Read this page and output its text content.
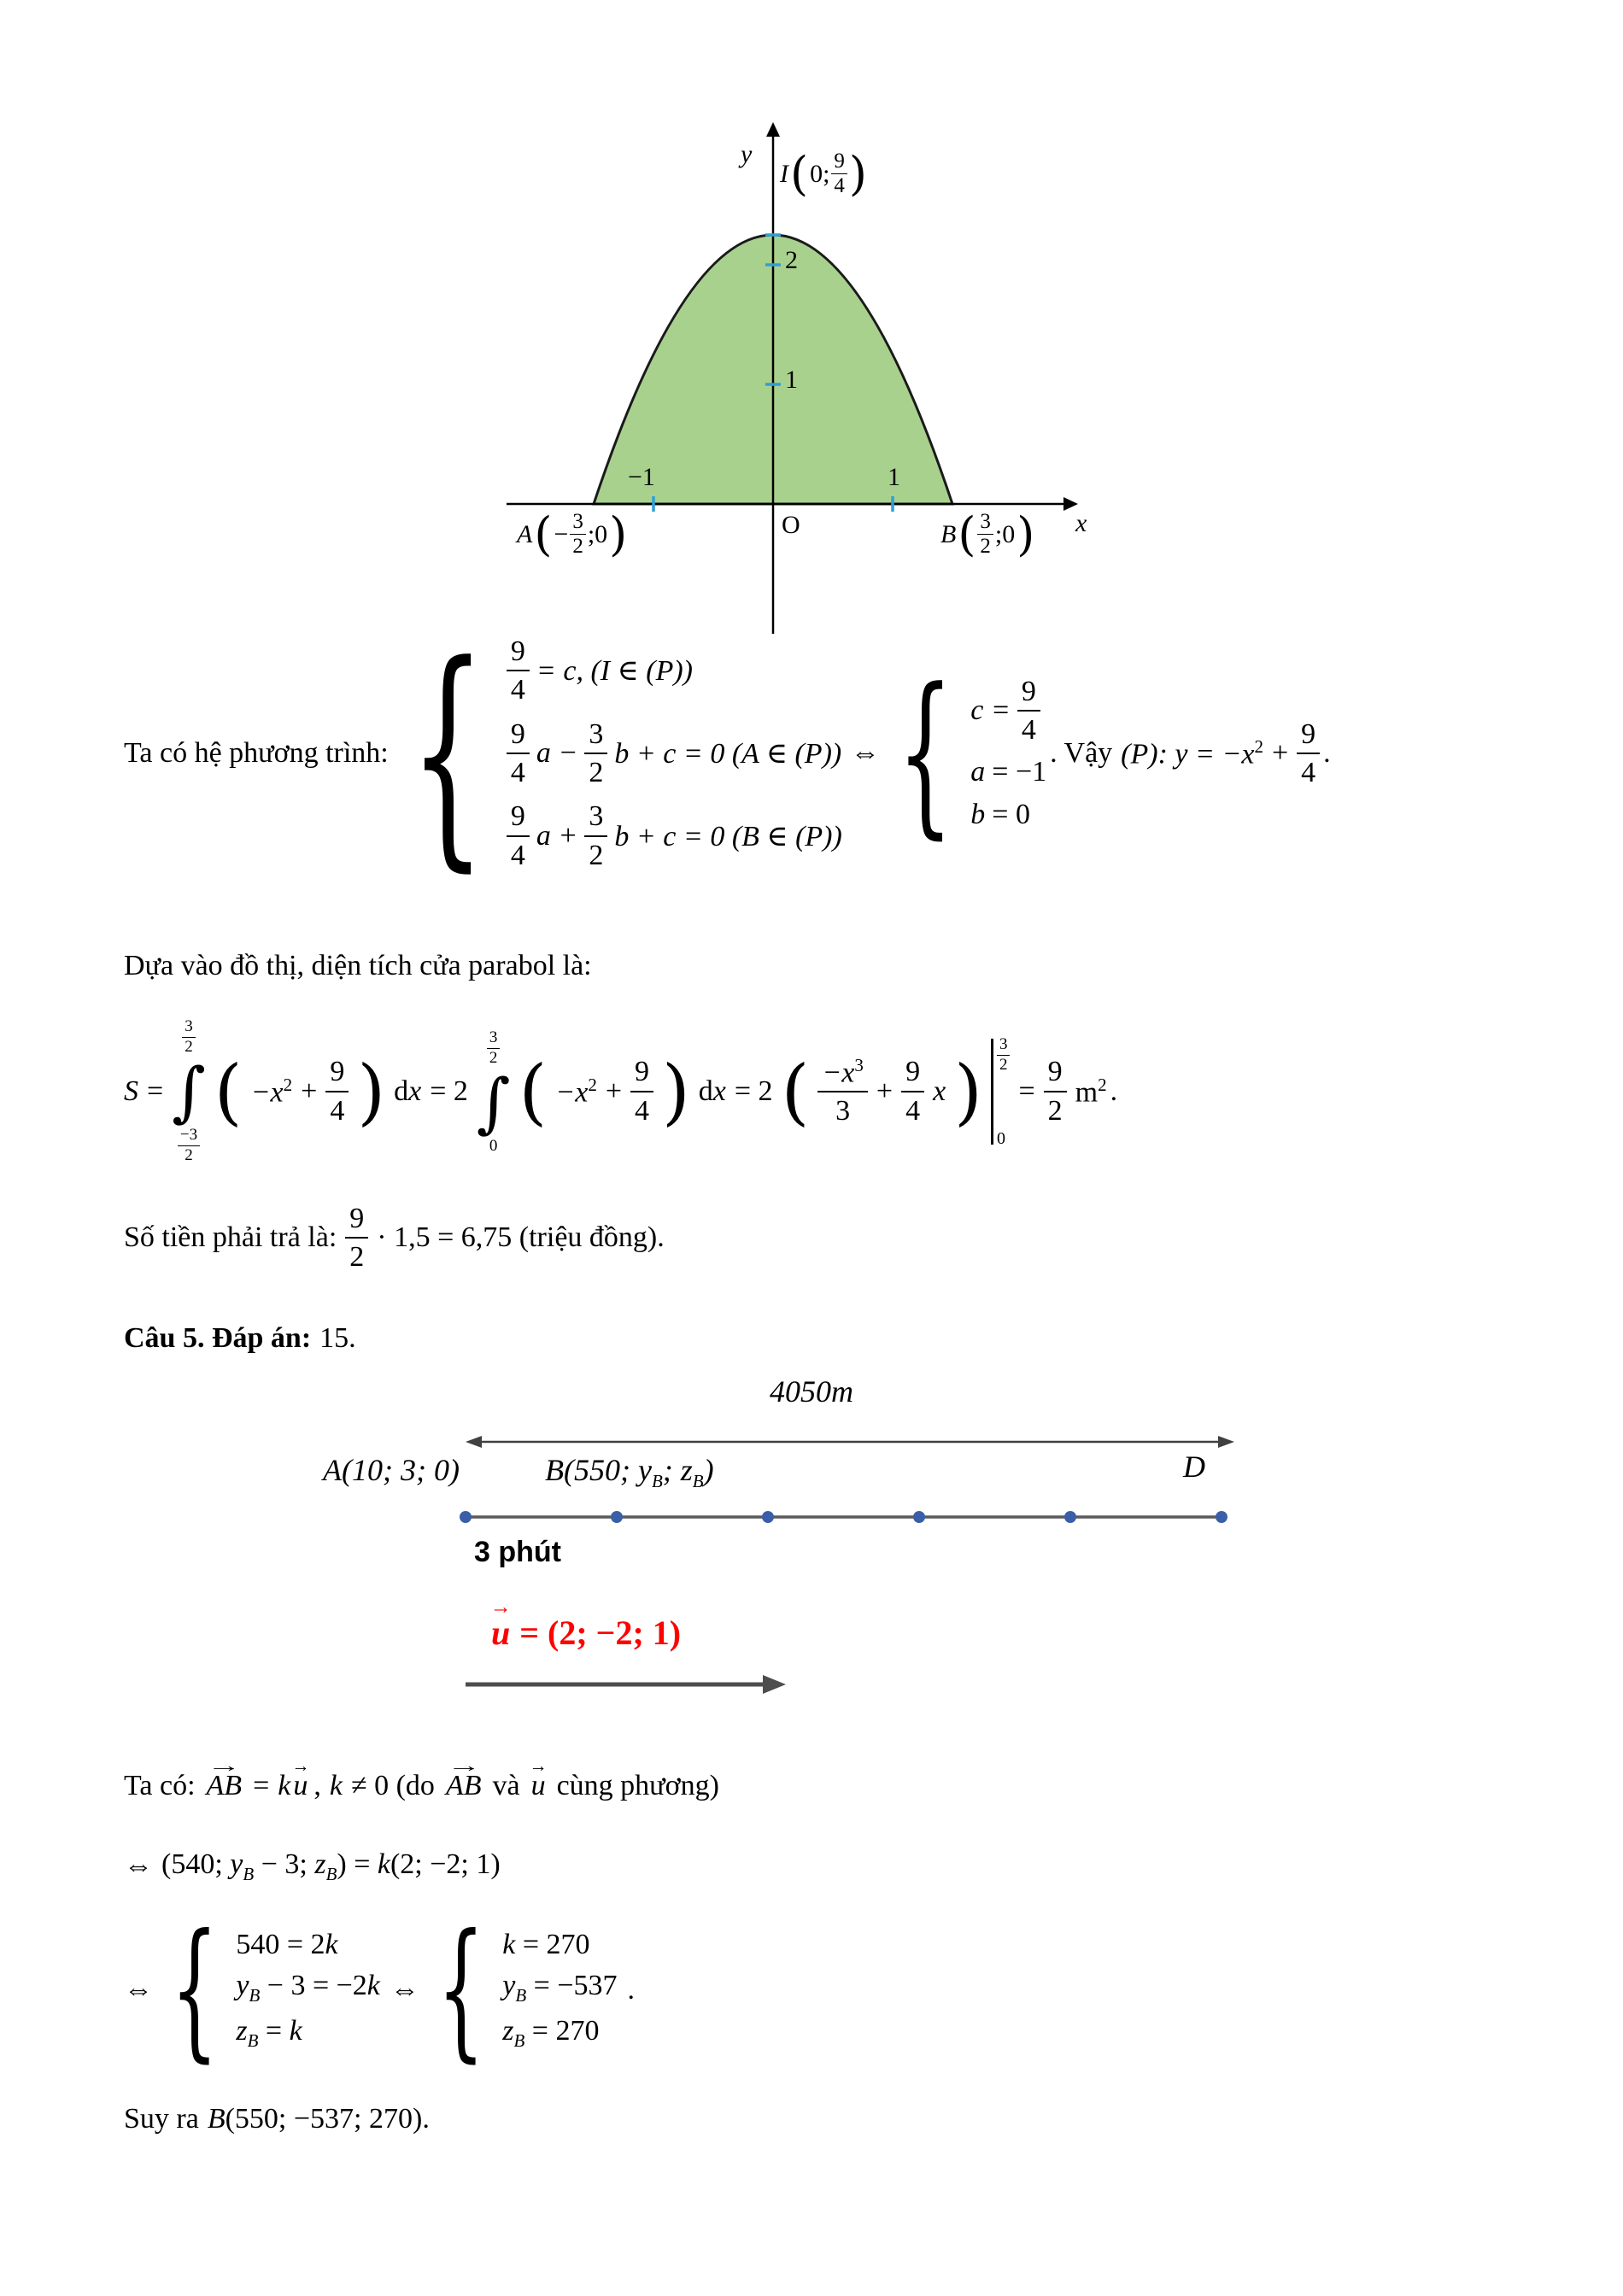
y
x
O
2
1
−1	1
I ( 0; $\frac{9}{4}$ )
A ( − $\frac{3}{2}$ ;0 )	B ( $\frac{3}{2}$ ;0 )
Ta có hệ phương trình: { $\frac{9}{4} = c$, (I ∈ (P))
$\frac{9}{4}$ $a - \frac{3}{2}$ b + c = 0 (A ∈ (P))
$\frac{9}{4}$ $a + \frac{3}{2}$ b + c = 0 (B ∈ (P))
⇔ { $c = \frac{9}{4}$
a = −1
b = 0
. Vậy (P): $y = -x^2 + \frac{9}{4}$ .
Dựa vào đồ thị, diện tích cửa parabol là:
S =
$\frac{3}{2}$
∫
$\frac{-3}{2}$
( $-x^2 + \frac{9}{4}$ ) dx = 2
$\frac{3}{2}$
∫
0
( $-x^2 + \frac{9}{4}$ ) dx = 2 ( $\frac{-x^3}{3} + \frac{9}{4}$ x ) $\frac{3}{2}$
0
= $\frac{9}{2} m^2$ .
Số tiền phải trả là: $\frac{9}{2} \cdot 1,5 = 6,75$ (triệu đồng).
Câu 5. Đáp án: 15.
4050m
A(10; 3; 0)	B(550; $y_B$; $z_B$)	D
3 phút
→
u = (2; −2; 1)
Ta có:
→
AB = k
→
u , k ≠ 0 (do
→
AB và
→
u cùng phương)
⇔ (540; $y_B - 3$; $z_B) = k(2$; −2; 1)
⇔ { 540 = 2k
$y_B - 3 = -2k$
$z_B = k$
⇔ { k = 270
$y_B = -537$
$z_B = 270$
.
Suy ra B(550; −537; 270).
